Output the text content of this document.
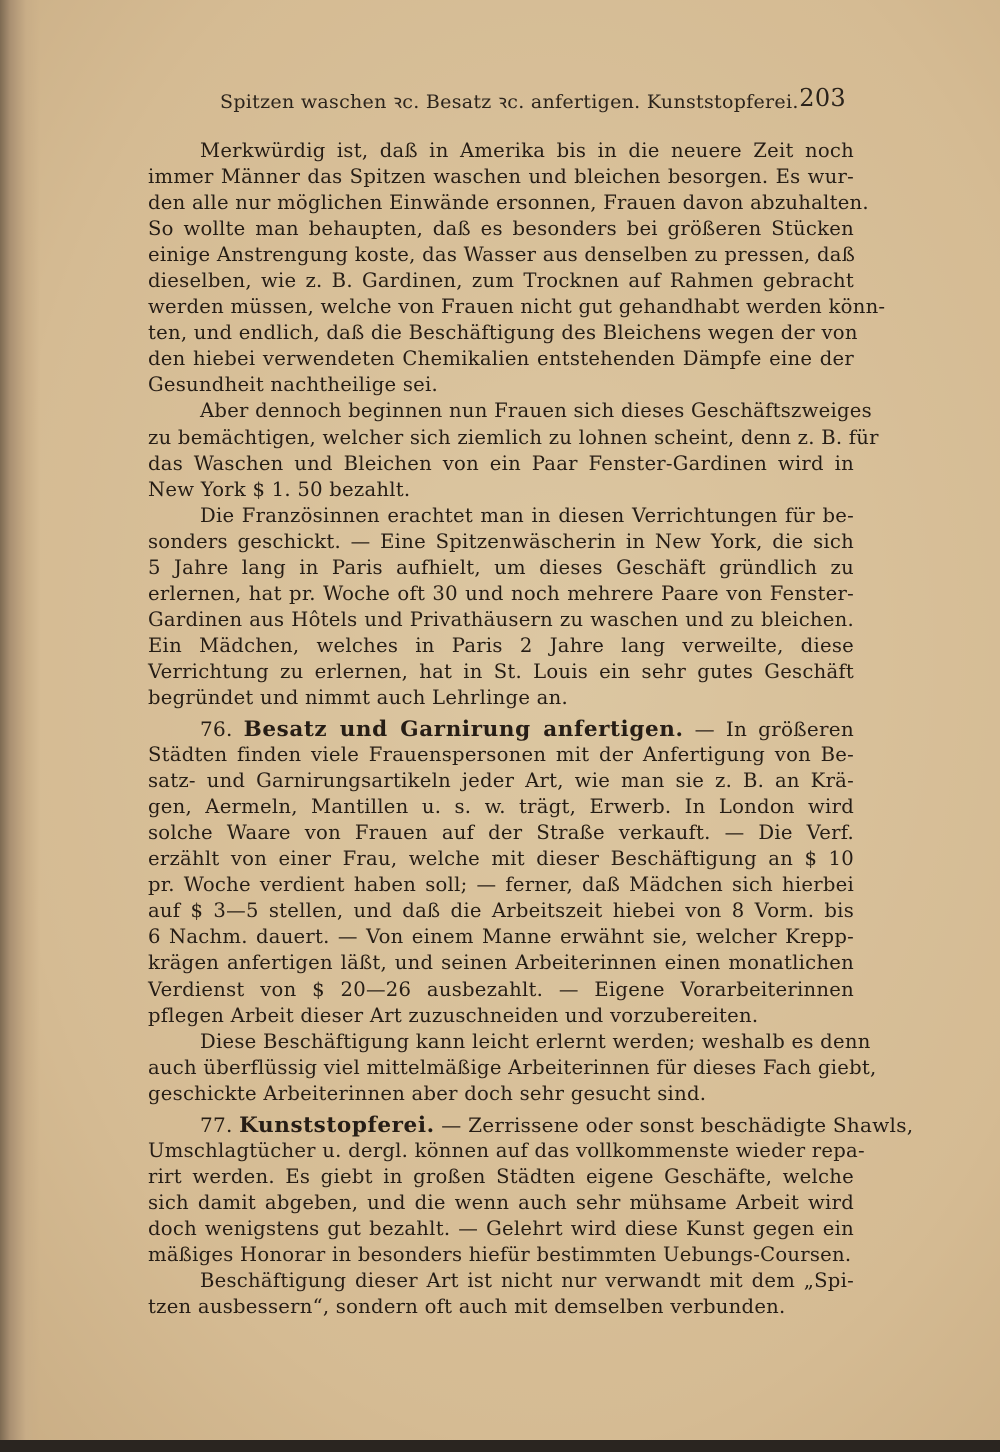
Spitzen waschen ꝛc. Besatz ꝛc. anfertigen. Kunststopferei. 203
Merkwürdig ist, daß in Amerika bis in die neuere Zeit noch
immer Männer das Spitzen waschen und bleichen besorgen. Es wur-
den alle nur möglichen Einwände ersonnen, Frauen davon abzuhalten.
So wollte man behaupten, daß es besonders bei größeren Stücken
einige Anstrengung koste, das Wasser aus denselben zu pressen, daß
dieselben, wie z. B. Gardinen, zum Trocknen auf Rahmen gebracht
werden müssen, welche von Frauen nicht gut gehandhabt werden könn-
ten, und endlich, daß die Beschäftigung des Bleichens wegen der von
den hiebei verwendeten Chemikalien entstehenden Dämpfe eine der
Gesundheit nachtheilige sei.
Aber dennoch beginnen nun Frauen sich dieses Geschäftszweiges
zu bemächtigen, welcher sich ziemlich zu lohnen scheint, denn z. B. für
das Waschen und Bleichen von ein Paar Fenster-Gardinen wird in
New York $ 1. 50 bezahlt.
Die Französinnen erachtet man in diesen Verrichtungen für be-
sonders geschickt. — Eine Spitzenwäscherin in New York, die sich
5 Jahre lang in Paris aufhielt, um dieses Geschäft gründlich zu
erlernen, hat pr. Woche oft 30 und noch mehrere Paare von Fenster-
Gardinen aus Hôtels und Privathäusern zu waschen und zu bleichen.
Ein Mädchen, welches in Paris 2 Jahre lang verweilte, diese
Verrichtung zu erlernen, hat in St. Louis ein sehr gutes Geschäft
begründet und nimmt auch Lehrlinge an.
76. Besatz und Garnirung anfertigen. — In größeren
Städten finden viele Frauenspersonen mit der Anfertigung von Be-
satz- und Garnirungsartikeln jeder Art, wie man sie z. B. an Krä-
gen, Aermeln, Mantillen u. s. w. trägt, Erwerb. In London wird
solche Waare von Frauen auf der Straße verkauft. — Die Verf.
erzählt von einer Frau, welche mit dieser Beschäftigung an $ 10
pr. Woche verdient haben soll; — ferner, daß Mädchen sich hierbei
auf $ 3—5 stellen, und daß die Arbeitszeit hiebei von 8 Vorm. bis
6 Nachm. dauert. — Von einem Manne erwähnt sie, welcher Krepp-
krägen anfertigen läßt, und seinen Arbeiterinnen einen monatlichen
Verdienst von $ 20—26 ausbezahlt. — Eigene Vorarbeiterinnen
pflegen Arbeit dieser Art zuzuschneiden und vorzubereiten.
Diese Beschäftigung kann leicht erlernt werden; weshalb es denn
auch überflüssig viel mittelmäßige Arbeiterinnen für dieses Fach giebt,
geschickte Arbeiterinnen aber doch sehr gesucht sind.
77. Kunststopferei. — Zerrissene oder sonst beschädigte Shawls,
Umschlagtücher u. dergl. können auf das vollkommenste wieder repa-
rirt werden. Es giebt in großen Städten eigene Geschäfte, welche
sich damit abgeben, und die wenn auch sehr mühsame Arbeit wird
doch wenigstens gut bezahlt. — Gelehrt wird diese Kunst gegen ein
mäßiges Honorar in besonders hiefür bestimmten Uebungs-Coursen.
Beschäftigung dieser Art ist nicht nur verwandt mit dem „Spi-
tzen ausbessern“, sondern oft auch mit demselben verbunden.
